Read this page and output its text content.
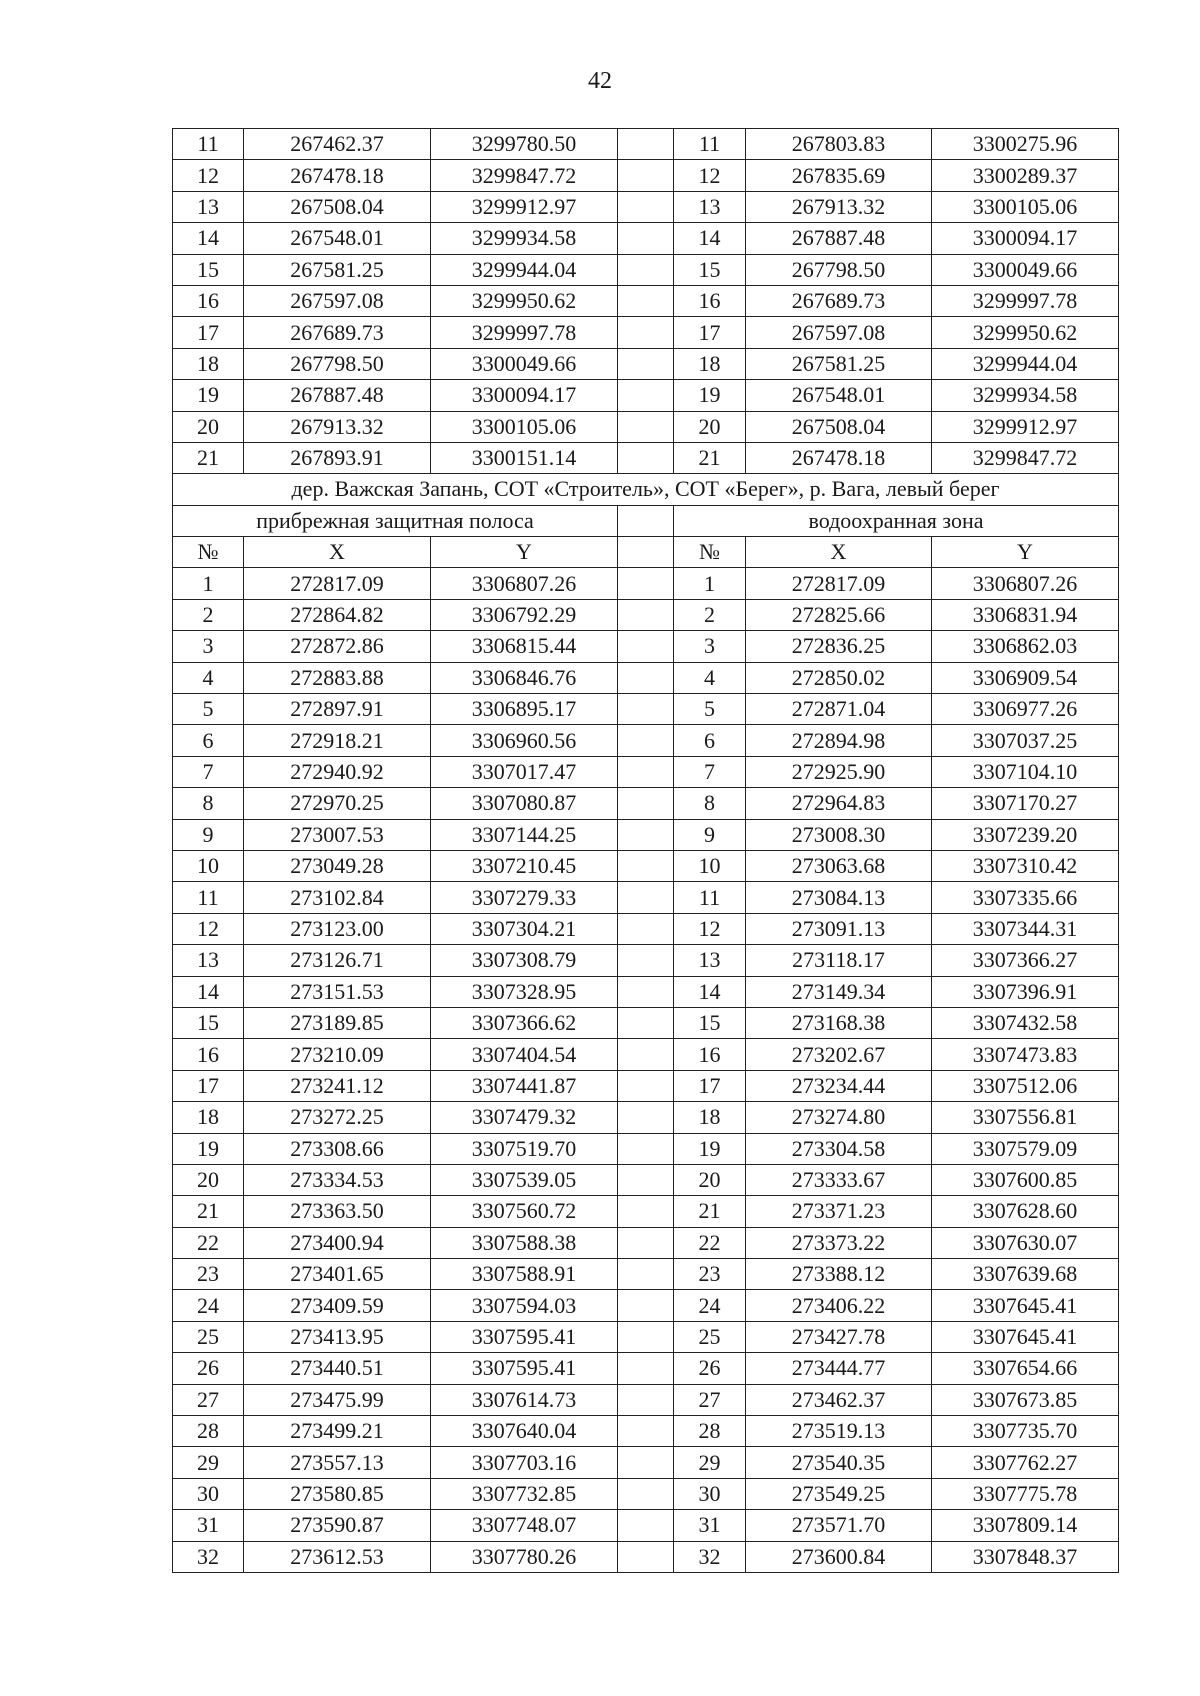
42
11	267462.37	3299780.50		11	267803.83	3300275.96
12	267478.18	3299847.72		12	267835.69	3300289.37
13	267508.04	3299912.97		13	267913.32	3300105.06
14	267548.01	3299934.58		14	267887.48	3300094.17
15	267581.25	3299944.04		15	267798.50	3300049.66
16	267597.08	3299950.62		16	267689.73	3299997.78
17	267689.73	3299997.78		17	267597.08	3299950.62
18	267798.50	3300049.66		18	267581.25	3299944.04
19	267887.48	3300094.17		19	267548.01	3299934.58
20	267913.32	3300105.06		20	267508.04	3299912.97
21	267893.91	3300151.14		21	267478.18	3299847.72
дер. Важская Запань, СОТ «Строитель», СОТ «Берег», р. Вага, левый берег						
прибрежная защитная полоса				водоохранная зона		
№	X	Y		№	X	Y
1	272817.09	3306807.26		1	272817.09	3306807.26
2	272864.82	3306792.29		2	272825.66	3306831.94
3	272872.86	3306815.44		3	272836.25	3306862.03
4	272883.88	3306846.76		4	272850.02	3306909.54
5	272897.91	3306895.17		5	272871.04	3306977.26
6	272918.21	3306960.56		6	272894.98	3307037.25
7	272940.92	3307017.47		7	272925.90	3307104.10
8	272970.25	3307080.87		8	272964.83	3307170.27
9	273007.53	3307144.25		9	273008.30	3307239.20
10	273049.28	3307210.45		10	273063.68	3307310.42
11	273102.84	3307279.33		11	273084.13	3307335.66
12	273123.00	3307304.21		12	273091.13	3307344.31
13	273126.71	3307308.79		13	273118.17	3307366.27
14	273151.53	3307328.95		14	273149.34	3307396.91
15	273189.85	3307366.62		15	273168.38	3307432.58
16	273210.09	3307404.54		16	273202.67	3307473.83
17	273241.12	3307441.87		17	273234.44	3307512.06
18	273272.25	3307479.32		18	273274.80	3307556.81
19	273308.66	3307519.70		19	273304.58	3307579.09
20	273334.53	3307539.05		20	273333.67	3307600.85
21	273363.50	3307560.72		21	273371.23	3307628.60
22	273400.94	3307588.38		22	273373.22	3307630.07
23	273401.65	3307588.91		23	273388.12	3307639.68
24	273409.59	3307594.03		24	273406.22	3307645.41
25	273413.95	3307595.41		25	273427.78	3307645.41
26	273440.51	3307595.41		26	273444.77	3307654.66
27	273475.99	3307614.73		27	273462.37	3307673.85
28	273499.21	3307640.04		28	273519.13	3307735.70
29	273557.13	3307703.16		29	273540.35	3307762.27
30	273580.85	3307732.85		30	273549.25	3307775.78
31	273590.87	3307748.07		31	273571.70	3307809.14
32	273612.53	3307780.26		32	273600.84	3307848.37
